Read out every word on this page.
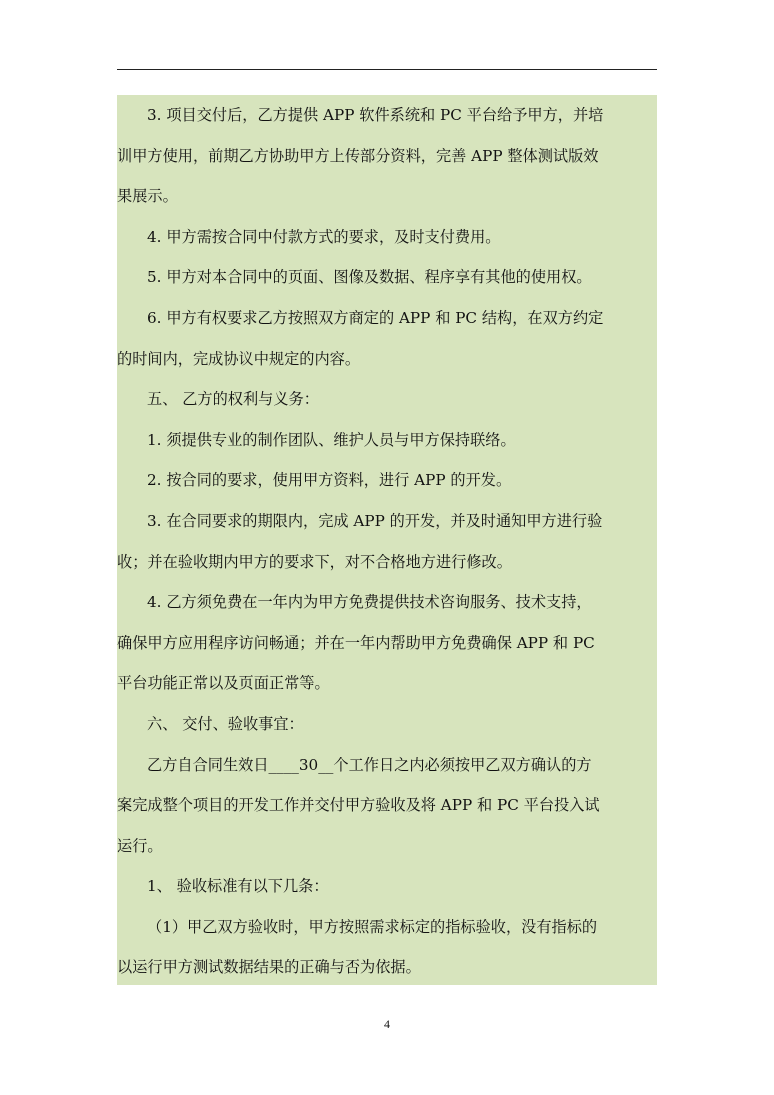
3. 项目交付后，乙方提供 APP 软件系统和 PC 平台给予甲方，并培

训甲方使用，前期乙方协助甲方上传部分资料，完善 APP 整体测试版效

果展示。

4. 甲方需按合同中付款方式的要求，及时支付费用。

5. 甲方对本合同中的页面、图像及数据、程序享有其他的使用权。

6. 甲方有权要求乙方按照双方商定的 APP 和 PC 结构，在双方约定

的时间内，完成协议中规定的内容。

五、 乙方的权利与义务：

1. 须提供专业的制作团队、维护人员与甲方保持联络。

2. 按合同的要求，使用甲方资料，进行 APP 的开发。

3. 在合同要求的期限内，完成 APP 的开发，并及时通知甲方进行验

收；并在验收期内甲方的要求下，对不合格地方进行修改。

4. 乙方须免费在一年内为甲方免费提供技术咨询服务、技术支持，

确保甲方应用程序访问畅通；并在一年内帮助甲方免费确保 APP 和 PC

平台功能正常以及页面正常等。

六、 交付、验收事宜：

乙方自合同生效日____30__个工作日之内必须按甲乙双方确认的方

案完成整个项目的开发工作并交付甲方验收及将 APP 和 PC 平台投入试

运行。

1、 验收标准有以下几条：

（1）甲乙双方验收时，甲方按照需求标定的指标验收，没有指标的

以运行甲方测试数据结果的正确与否为依据。

4
